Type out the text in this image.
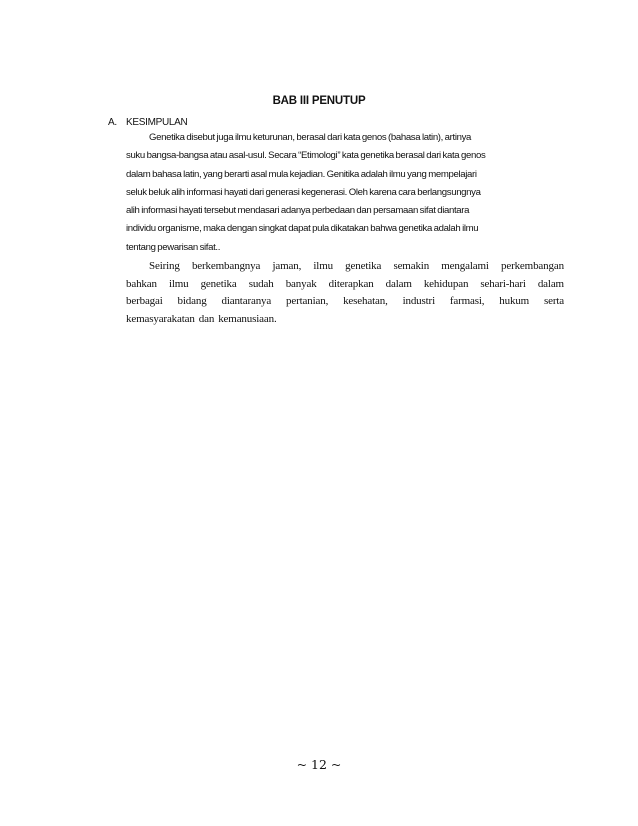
BAB III PENUTUP
A. KESIMPULAN
Genetika disebut juga ilmu keturunan, berasal dari kata genos (bahasa latin), artinya
suku bangsa-bangsa atau asal-usul. Secara “Etimologi” kata genetika berasal dari kata genos
dalam bahasa latin, yang berarti asal mula kejadian. Genitika adalah ilmu yang mempelajari
seluk beluk alih informasi hayati dari generasi kegenerasi. Oleh karena cara berlangsungnya
alih informasi hayati tersebut mendasari adanya perbedaan dan persamaan sifat diantara
individu organisme, maka dengan singkat dapat pula dikatakan bahwa genetika adalah ilmu
tentang pewarisan sifat..
Seiring berkembangnya jaman, ilmu genetika semakin mengalami perkembangan
bahkan ilmu genetika sudah banyak diterapkan dalam kehidupan sehari-hari dalam
berbagai bidang diantaranya pertanian, kesehatan, industri farmasi, hukum serta
kemasyarakatan dan kemanusiaan.
~ 12 ~
